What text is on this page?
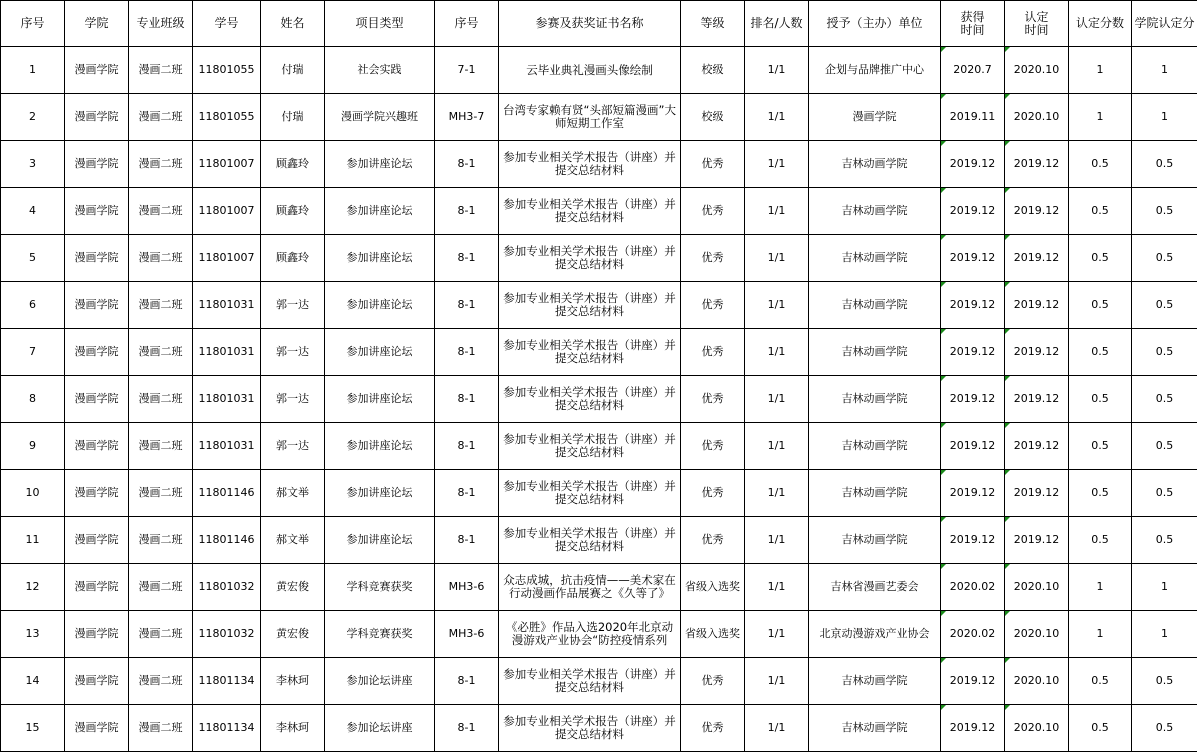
序号	学院	专业班级	学号	姓名	项目类型	序号	参赛及获奖证书名称	等级	排名/人数	授予（主办）单位	获得时间	认定时间	认定分数	学院认定分
1	漫画学院	漫画二班	11801055	付瑞	社会实践	7-1	云毕业典礼漫画头像绘制	校级	1/1	企划与品牌推广中心	2020.7	2020.10	1	1
2	漫画学院	漫画二班	11801055	付瑞	漫画学院兴趣班	MH3-7	台湾专家赖有贤“头部短篇漫画”大师短期工作室	校级	1/1	漫画学院	2019.11	2020.10	1	1
3	漫画学院	漫画二班	11801007	顾鑫玲	参加讲座论坛	8-1	参加专业相关学术报告（讲座）并提交总结材料	优秀	1/1	吉林动画学院	2019.12	2019.12	0.5	0.5
4	漫画学院	漫画二班	11801007	顾鑫玲	参加讲座论坛	8-1	参加专业相关学术报告（讲座）并提交总结材料	优秀	1/1	吉林动画学院	2019.12	2019.12	0.5	0.5
5	漫画学院	漫画二班	11801007	顾鑫玲	参加讲座论坛	8-1	参加专业相关学术报告（讲座）并提交总结材料	优秀	1/1	吉林动画学院	2019.12	2019.12	0.5	0.5
6	漫画学院	漫画二班	11801031	郭一达	参加讲座论坛	8-1	参加专业相关学术报告（讲座）并提交总结材料	优秀	1/1	吉林动画学院	2019.12	2019.12	0.5	0.5
7	漫画学院	漫画二班	11801031	郭一达	参加讲座论坛	8-1	参加专业相关学术报告（讲座）并提交总结材料	优秀	1/1	吉林动画学院	2019.12	2019.12	0.5	0.5
8	漫画学院	漫画二班	11801031	郭一达	参加讲座论坛	8-1	参加专业相关学术报告（讲座）并提交总结材料	优秀	1/1	吉林动画学院	2019.12	2019.12	0.5	0.5
9	漫画学院	漫画二班	11801031	郭一达	参加讲座论坛	8-1	参加专业相关学术报告（讲座）并提交总结材料	优秀	1/1	吉林动画学院	2019.12	2019.12	0.5	0.5
10	漫画学院	漫画二班	11801146	郝文举	参加讲座论坛	8-1	参加专业相关学术报告（讲座）并提交总结材料	优秀	1/1	吉林动画学院	2019.12	2019.12	0.5	0.5
11	漫画学院	漫画二班	11801146	郝文举	参加讲座论坛	8-1	参加专业相关学术报告（讲座）并提交总结材料	优秀	1/1	吉林动画学院	2019.12	2019.12	0.5	0.5
12	漫画学院	漫画二班	11801032	黄宏俊	学科竞赛获奖	MH3-6	众志成城，抗击疫情——美术家在行动漫画作品展赛之《久等了》	省级入选奖	1/1	吉林省漫画艺委会	2020.02	2020.10	1	1
13	漫画学院	漫画二班	11801032	黄宏俊	学科竞赛获奖	MH3-6	《必胜》作品入选2020年北京动漫游戏产业协会“防控疫情系列	省级入选奖	1/1	北京动漫游戏产业协会	2020.02	2020.10	1	1
14	漫画学院	漫画二班	11801134	李林珂	参加论坛讲座	8-1	参加专业相关学术报告（讲座）并提交总结材料	优秀	1/1	吉林动画学院	2019.12	2020.10	0.5	0.5
15	漫画学院	漫画二班	11801134	李林珂	参加论坛讲座	8-1	参加专业相关学术报告（讲座）并提交总结材料	优秀	1/1	吉林动画学院	2019.12	2020.10	0.5	0.5
